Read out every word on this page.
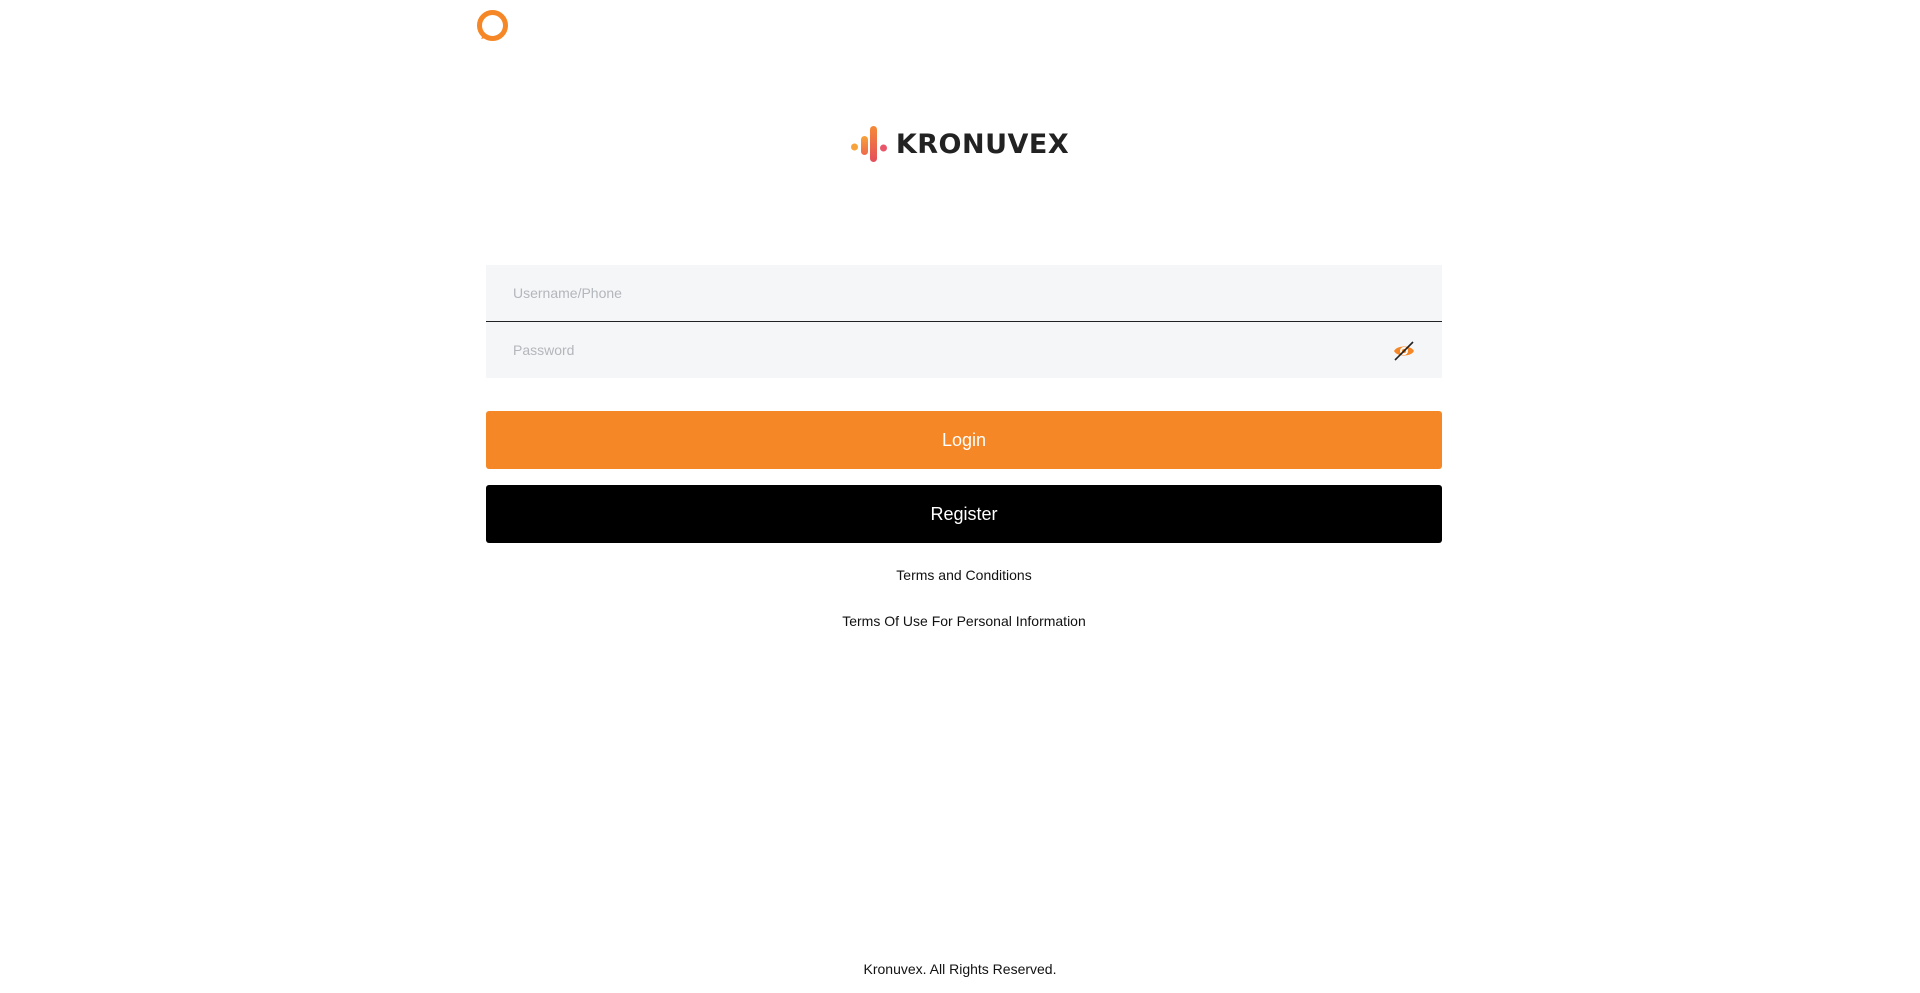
KRONUVEX
Username/Phone
Login
Register
Terms and Conditions
Terms Of Use For Personal Information
Kronuvex. All Rights Reserved.
